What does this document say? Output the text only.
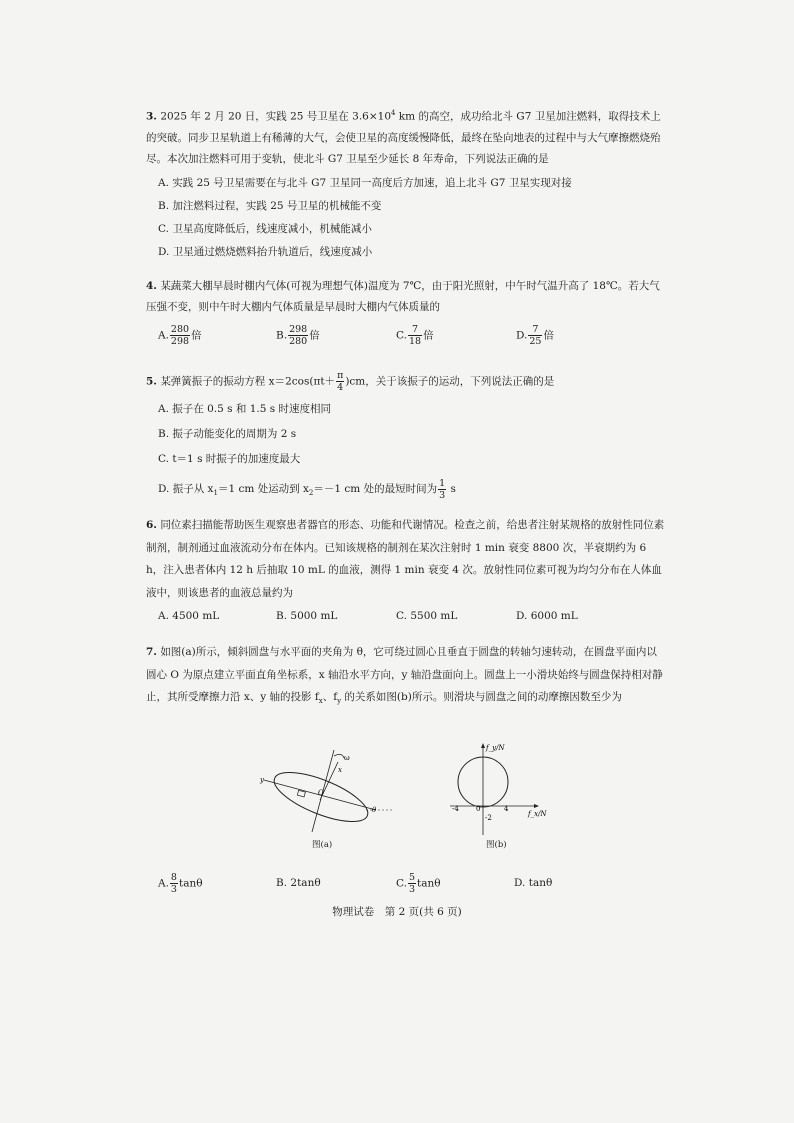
3. 2025 年 2 月 20 日，实践 25 号卫星在 $3.6\times 10^4$ km 的高空，成功给北斗 G7 卫星加注燃料，取得技术上的突破。同步卫星轨道上有稀薄的大气，会使卫星的高度缓慢降低，最终在坠向地表的过程中与大气摩擦燃烧殆尽。本次加注燃料可用于变轨，使北斗 G7 卫星至少延长 8 年寿命，下列说法正确的是

A. 实践 25 号卫星需要在与北斗 G7 卫星同一高度后方加速，追上北斗 G7 卫星实现对接
B. 加注燃料过程，实践 25 号卫星的机械能不变
C. 卫星高度降低后，线速度减小，机械能减小
D. 卫星通过燃烧燃料抬升轨道后，线速度减小

4. 某蔬菜大棚早晨时棚内气体(可视为理想气体)温度为 7℃，由于阳光照射，中午时气温升高了 18℃。若大气压强不变，则中午时大棚内气体质量是早晨时大棚内气体质量的

A. $\frac{280}{298}$ 倍	B. $\frac{298}{280}$ 倍	C. $\frac{7}{18}$ 倍	D. $\frac{7}{25}$ 倍

5. 某弹簧振子的振动方程 $x=2\cos(\pi t+ \frac{\pi}{4} )cm$，关于该振子的运动，下列说法正确的是

A. 振子在 0.5 s 和 1.5 s 时速度相同
B. 振子动能变化的周期为 2 s
C. t＝1 s 时振子的加速度最大
D. 振子从 $x_1=1$ cm 处运动到 $x_2=-1$ cm 处的最短时间为 $\frac{1}{3}$ s

6. 同位素扫描能帮助医生观察患者器官的形态、功能和代谢情况。检查之前，给患者注射某规格的放射性同位素制剂，制剂通过血液流动分布在体内。已知该规格的制剂在某次注射时 1 min 衰变 8800 次，半衰期约为 6 h，注入患者体内 12 h 后抽取 10 mL 的血液，测得 1 min 衰变 4 次。放射性同位素可视为均匀分布在人体血液中，则该患者的血液总量约为

A. 4500 mL	B. 5000 mL	C. 5500 mL	D. 6000 mL

7. 如图(a)所示，倾斜圆盘与水平面的夹角为 θ，它可绕过圆心且垂直于圆盘的转轴匀速转动，在圆盘平面内以圆心 O 为原点建立平面直角坐标系，x 轴沿水平方向，y 轴沿盘面向上。圆盘上一小滑块始终与圆盘保持相对静止，其所受摩擦力沿 x、y 轴的投影 $f_x$、$f_y$ 的关系如图(b)所示。则滑块与圆盘之间的动摩擦因数至少为

ω
x
y
O
θ
图(a)
f_y/N
f_x/N
-4 0	4
-2
图(b)
A. $\frac{8}{3}$ tanθ	B. 2tanθ	C. $\frac{5}{3}$ tanθ	D. tanθ
物理试卷　第 2 页(共 6 页)
